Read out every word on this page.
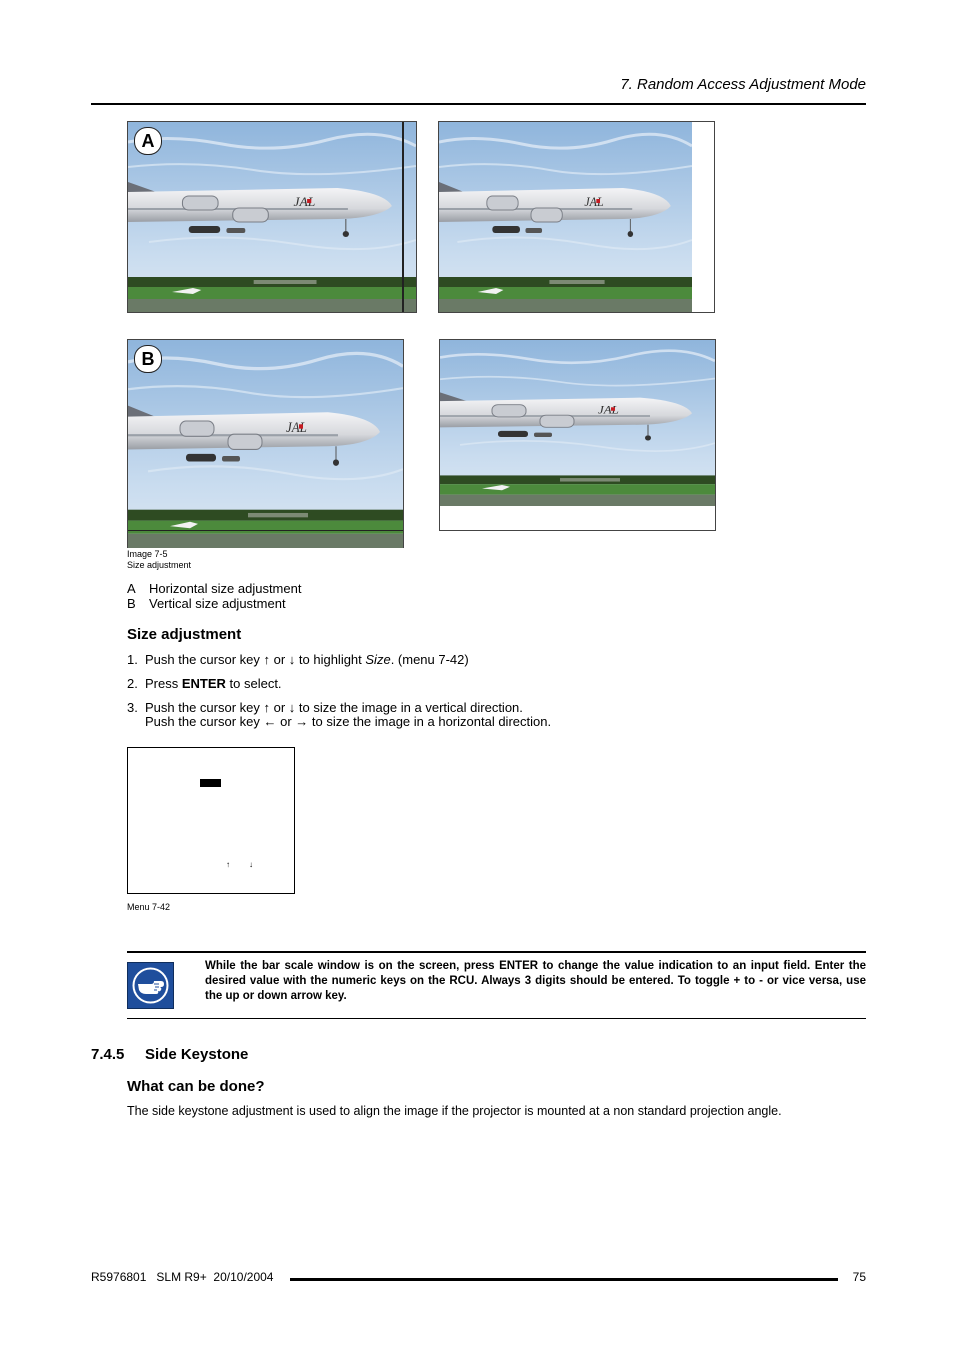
7. Random Access Adjustment Mode
A
B
Image 7-5
Size adjustment
A Horizontal size adjustment
B Vertical size adjustment
Size adjustment
1. Push the cursor key ↑ or ↓ to highlight Size. (menu 7-42)
2. Press ENTER to select.
3. Push the cursor key ↑ or ↓ to size the image in a vertical direction.
Push the cursor key ← or → to size the image in a horizontal direction.
↑ ↓
Menu 7-42
While the bar scale window is on the screen, press ENTER to change the value indication to an input field. Enter the desired value with the numeric keys on the RCU. Always 3 digits should be entered. To toggle + to - or vice versa, use the up or down arrow key.
7.4.5 Side Keystone
What can be done?
The side keystone adjustment is used to align the image if the projector is mounted at a non standard projection angle.
R5976801   SLM R9+  20/10/2004	75
